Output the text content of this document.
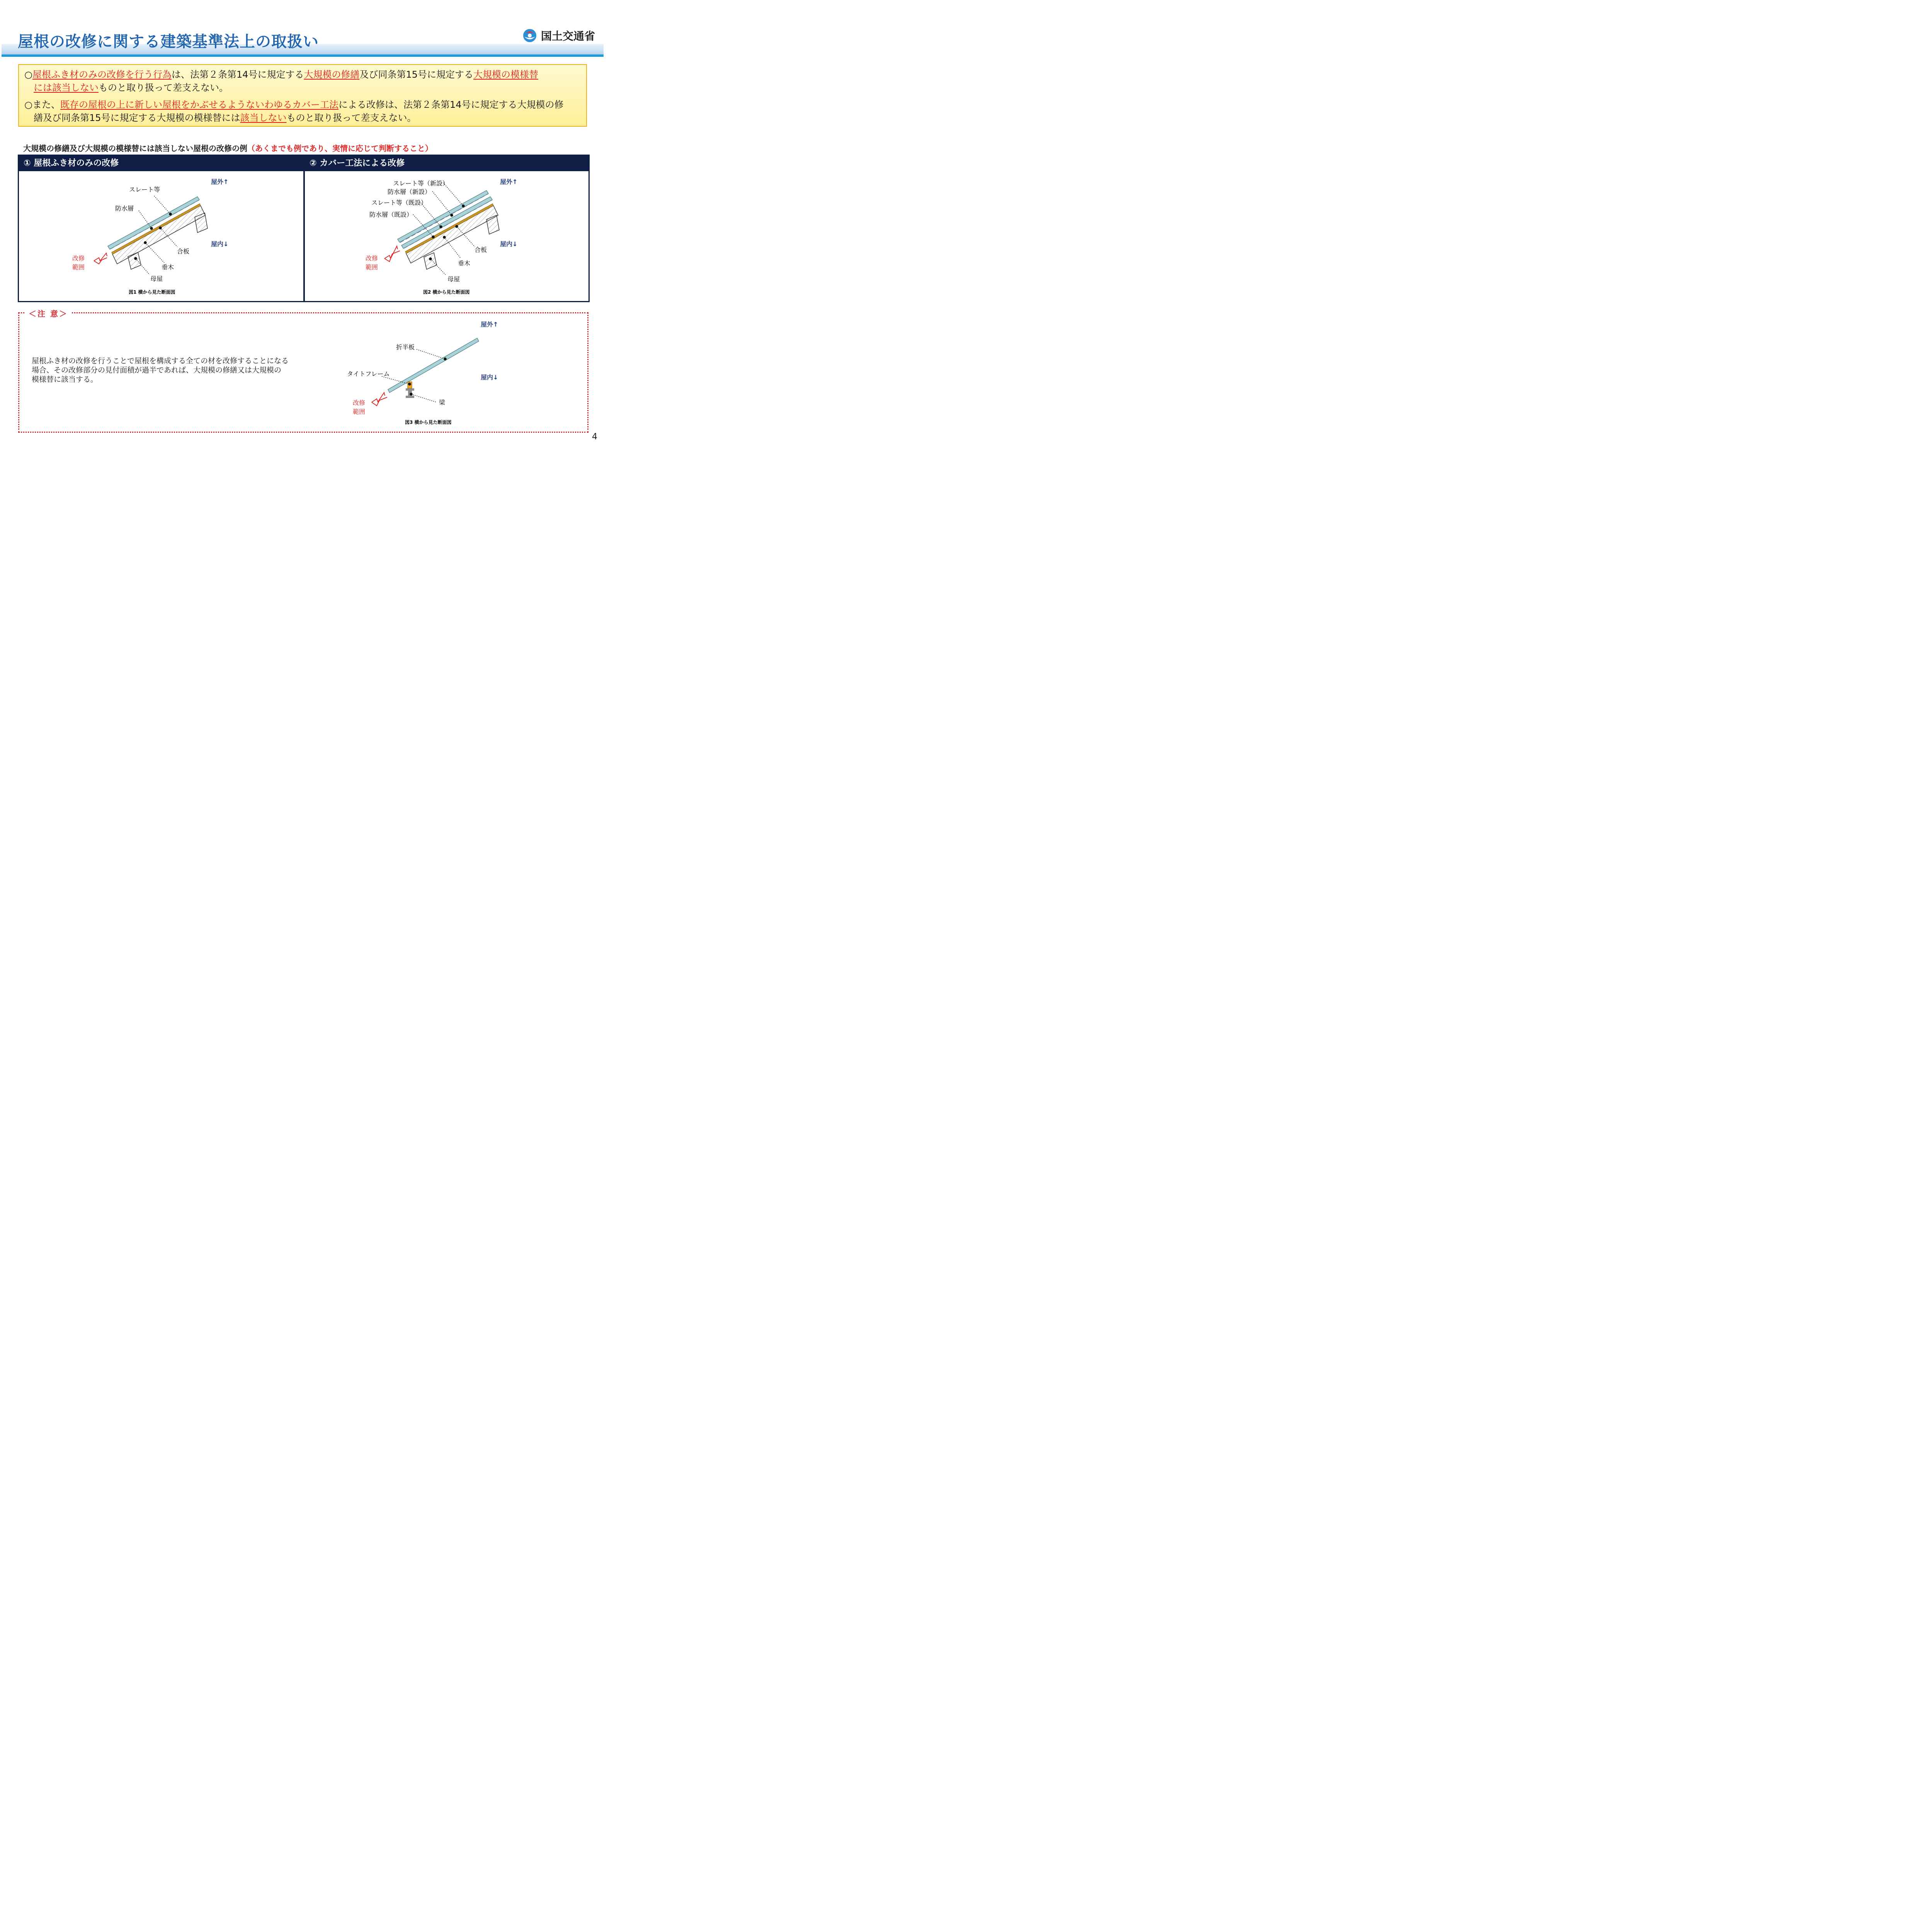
屋根の改修に関する建築基準法上の取扱い	国土交通省
○屋根ふき材のみの改修を行う行為は、法第２条第14号に規定する大規模の修繕及び同条第15号に規定する大規模の模様替
には該当しないものと取り扱って差支えない。
○また、既存の屋根の上に新しい屋根をかぶせるようないわゆるカバー工法による改修は、法第２条第14号に規定する大規模の修
繕及び同条第15号に規定する大規模の模様替には該当しないものと取り扱って差支えない。
大規模の修繕及び大規模の模様替には該当しない屋根の改修の例（あくまでも例であり、実情に応じて判断すること）
① 屋根ふき材のみの改修
スレート等
防水層
合板
垂木
母屋
屋外↑
屋内↓
改修
範囲
図1 横から見た断面図
② カバー工法による改修
スレート等（新設）
防水層（新設）
スレート等（既設）
防水層（既設）
合板
垂木
母屋
屋外↑
屋内↓
改修
範囲
図2 横から見た断面図
＜注 意＞
屋根ふき材の改修を行うことで屋根を構成する全ての材を改修することになる
場合、その改修部分の見付面積が過半であれば、大規模の修繕又は大規模の
模様替に該当する。
折半板
タイトフレーム
梁
屋外↑
屋内↓
改修
範囲
図3 横から見た断面図
4
